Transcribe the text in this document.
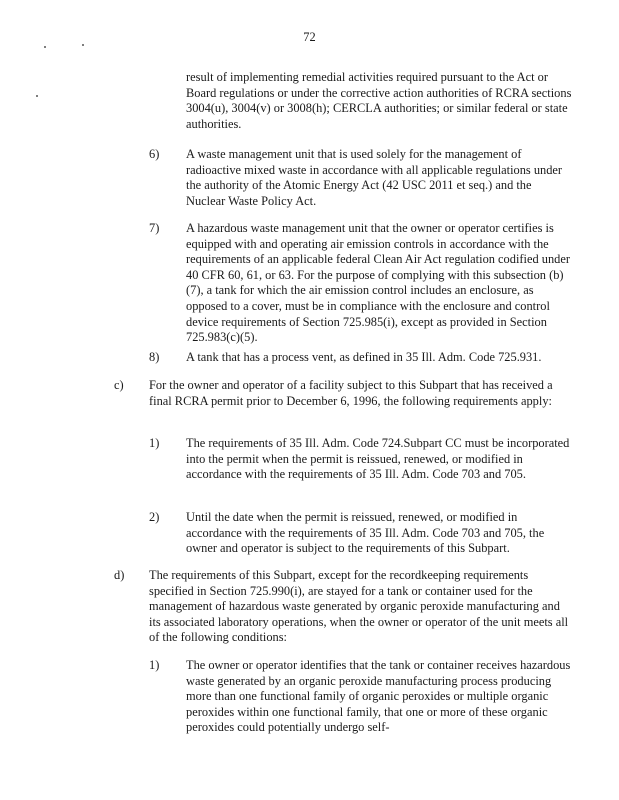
72
result of implementing remedial activities required pursuant to the Act or Board regulations or under the corrective action authorities of RCRA sections 3004(u), 3004(v) or 3008(h); CERCLA authorities; or similar federal or state authorities.
6) A waste management unit that is used solely for the management of radioactive mixed waste in accordance with all applicable regulations under the authority of the Atomic Energy Act (42 USC 2011 et seq.) and the Nuclear Waste Policy Act.
7) A hazardous waste management unit that the owner or operator certifies is equipped with and operating air emission controls in accordance with the requirements of an applicable federal Clean Air Act regulation codified under 40 CFR 60, 61, or 63. For the purpose of complying with this subsection (b)(7), a tank for which the air emission control includes an enclosure, as opposed to a cover, must be in compliance with the enclosure and control device requirements of Section 725.985(i), except as provided in Section 725.983(c)(5).
8) A tank that has a process vent, as defined in 35 Ill. Adm. Code 725.931.
c) For the owner and operator of a facility subject to this Subpart that has received a final RCRA permit prior to December 6, 1996, the following requirements apply:
1) The requirements of 35 Ill. Adm. Code 724.Subpart CC must be incorporated into the permit when the permit is reissued, renewed, or modified in accordance with the requirements of 35 Ill. Adm. Code 703 and 705.
2) Until the date when the permit is reissued, renewed, or modified in accordance with the requirements of 35 Ill. Adm. Code 703 and 705, the owner and operator is subject to the requirements of this Subpart.
d) The requirements of this Subpart, except for the recordkeeping requirements specified in Section 725.990(i), are stayed for a tank or container used for the management of hazardous waste generated by organic peroxide manufacturing and its associated laboratory operations, when the owner or operator of the unit meets all of the following conditions:
1) The owner or operator identifies that the tank or container receives hazardous waste generated by an organic peroxide manufacturing process producing more than one functional family of organic peroxides or multiple organic peroxides within one functional family, that one or more of these organic peroxides could potentially undergo self-
